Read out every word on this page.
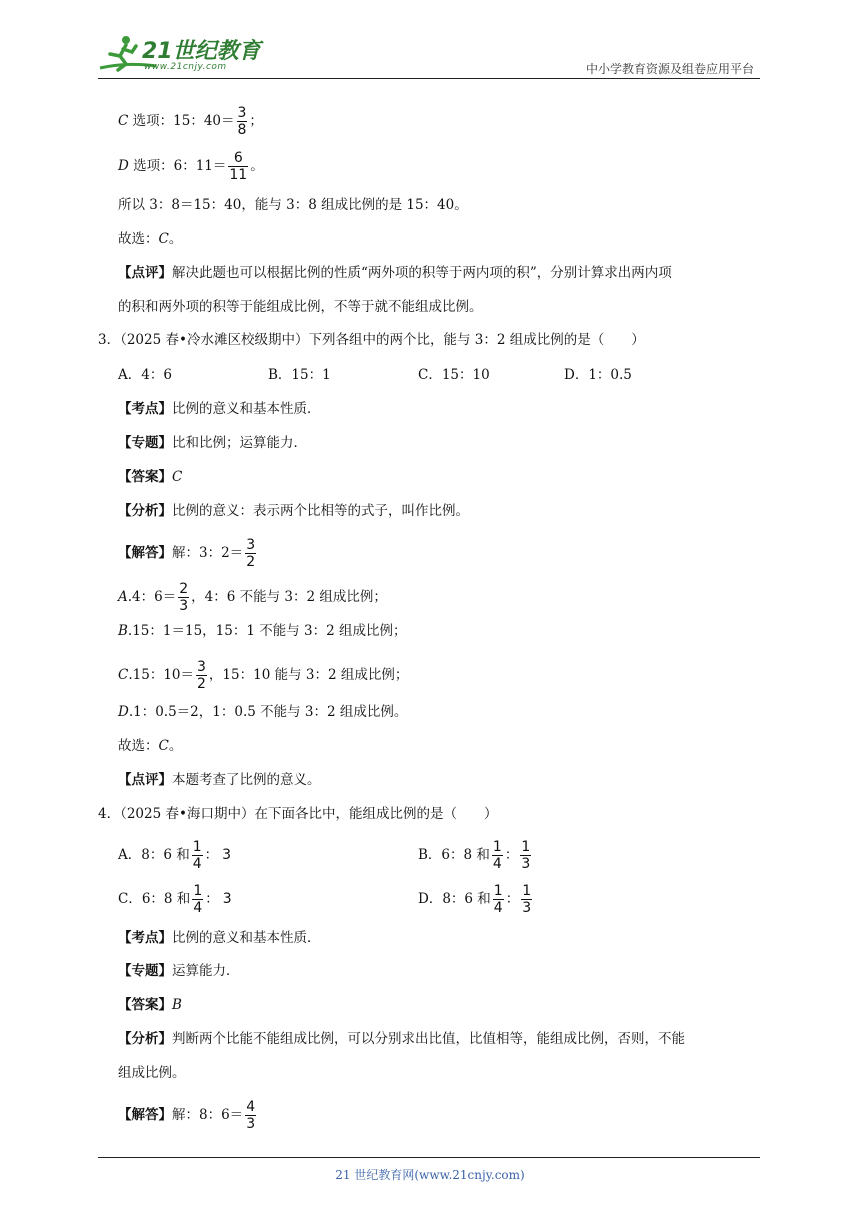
21世纪教育
www.21cnjy.com	中小学教育资源及组卷应用平台
C 选项：15：$40= \frac{3}{8}$ ；
D 选项：6：$11= \frac{6}{11}$ 。
所以 3：8＝15：40，能与 3：8 组成比例的是 15：40。
故选：C。
【点评】解决此题也可以根据比例的性质“两外项的积等于两内项的积”，分别计算求出两内项
的积和两外项的积等于能组成比例，不等于就不能组成比例。
3．（2025 春•冷水滩区校级期中）下列各组中的两个比，能与 3：2 组成比例的是（　　）
A．4：6	B．15：1	C．15：10	D．1：0.5
【考点】比例的意义和基本性质．
【专题】比和比例；运算能力．
【答案】C
【分析】比例的意义：表示两个比相等的式子，叫作比例。
【解答】解：3：$2= \frac{3}{2}$
A.4：$6= \frac{2}{3}$ ，4：6 不能与 3：2 组成比例；
B.15：1＝15，15：1 不能与 3：2 组成比例；
C.15：$10= \frac{3}{2}$ ，15：10 能与 3：2 组成比例；
D.1：0.5＝2，1：0.5 不能与 3：2 组成比例。
故选：C。
【点评】本题考查了比例的意义。
4．（2025 春•海口期中）在下面各比中，能组成比例的是（　　）
A．8：6 和 $\frac{1}{4}$ ： 3	B．6：8 和 $\frac{1}{4}$ ： $\frac{1}{3}$
C．6：8 和 $\frac{1}{4}$ ： 3	D．8：6 和 $\frac{1}{4}$ ： $\frac{1}{3}$
【考点】比例的意义和基本性质．
【专题】运算能力．
【答案】B
【分析】判断两个比能不能组成比例，可以分别求出比值，比值相等，能组成比例，否则，不能
组成比例。
【解答】解：8：$6= \frac{4}{3}$
21 世纪教育网(www.21cnjy.com)
